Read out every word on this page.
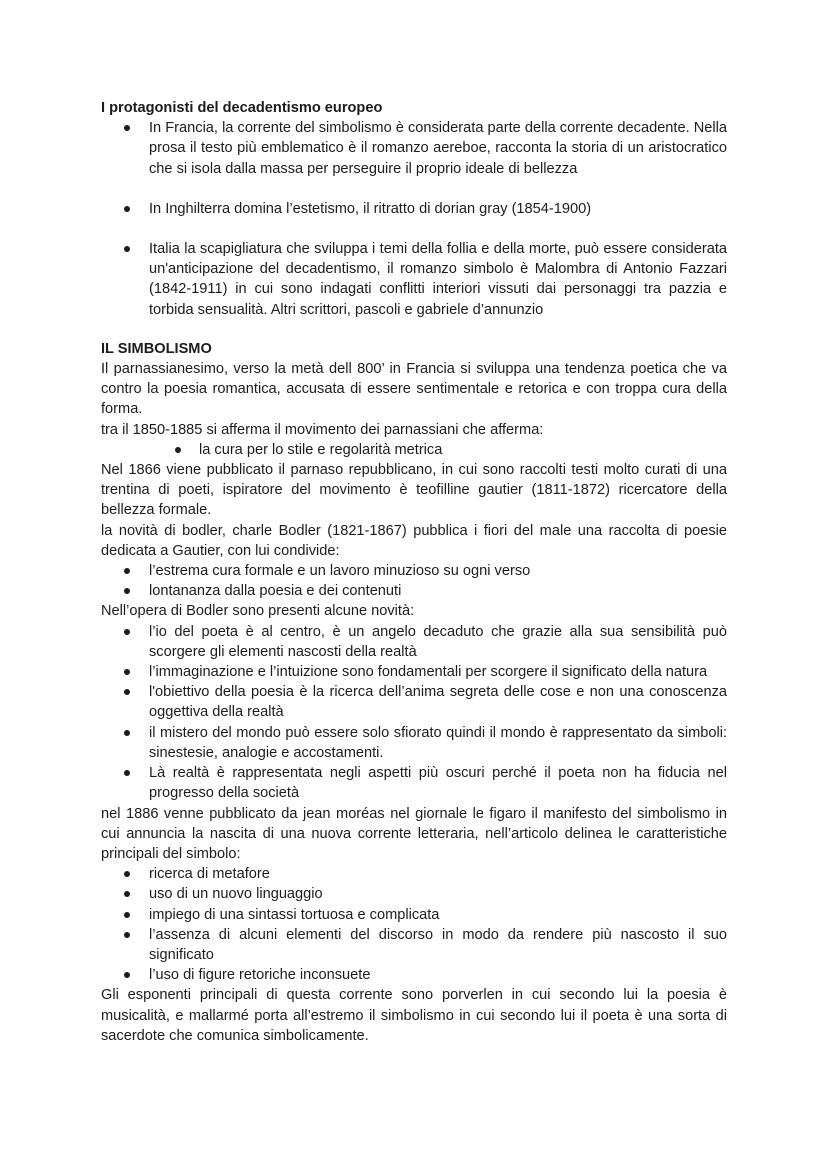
I protagonisti del decadentismo europeo

In Francia, la corrente del simbolismo è considerata parte della corrente decadente. Nella prosa il testo più emblematico è il romanzo aereboe, racconta la storia di un aristocratico che si isola dalla massa per perseguire il proprio ideale di bellezza
In Inghilterra domina l’estetismo, il ritratto di dorian gray (1854-1900)
Italia la scapigliatura che sviluppa i temi della follia e della morte, può essere considerata un'anticipazione del decadentismo, il romanzo simbolo è Malombra di Antonio Fazzari (1842-1911) in cui sono indagati conflitti interiori vissuti dai personaggi tra pazzia e torbida sensualità. Altri scrittori, pascoli e gabriele d’annunzio

IL SIMBOLISMO

Il parnassianesimo, verso la metà dell 800’ in Francia si sviluppa una tendenza poetica che va contro la poesia romantica, accusata di essere sentimentale e retorica e con troppa cura della forma.

tra il 1850-1885 si afferma il movimento dei parnassiani che afferma:

la cura per lo stile e regolarità metrica

Nel 1866 viene pubblicato il parnaso repubblicano, in cui sono raccolti testi molto curati di una trentina di poeti, ispiratore del movimento è teofilline gautier (1811-1872) ricercatore della bellezza formale.

la novità di bodler, charle Bodler (1821-1867) pubblica i fiori del male una raccolta di poesie dedicata a Gautier, con lui condivide:

l’estrema cura formale e un lavoro minuzioso su ogni verso
lontananza dalla poesia e dei contenuti

Nell’opera di Bodler sono presenti alcune novità:

l’io del poeta è al centro, è un angelo decaduto che grazie alla sua sensibilità può scorgere gli elementi nascosti della realtà
l’immaginazione e l’intuizione sono fondamentali per scorgere il significato della natura
l'obiettivo della poesia è la ricerca dell’anima segreta delle cose e non una conoscenza oggettiva della realtà
il mistero del mondo può essere solo sfiorato quindi il mondo è rappresentato da simboli: sinestesie, analogie e accostamenti.
Là realtà è rappresentata negli aspetti più oscuri perché il poeta non ha fiducia nel progresso della società

nel 1886 venne pubblicato da jean moréas nel giornale le figaro il manifesto del simbolismo in cui annuncia la nascita di una nuova corrente letteraria, nell’articolo delinea le caratteristiche principali del simbolo:

ricerca di metafore
uso di un nuovo linguaggio
impiego di una sintassi tortuosa e complicata
l’assenza di alcuni elementi del discorso in modo da rendere più nascosto il suo significato
l’uso di figure retoriche inconsuete

Gli esponenti principali di questa corrente sono porverlen in cui secondo lui la poesia è musicalità, e mallarmé porta all’estremo il simbolismo in cui secondo lui il poeta è una sorta di sacerdote che comunica simbolicamente.
